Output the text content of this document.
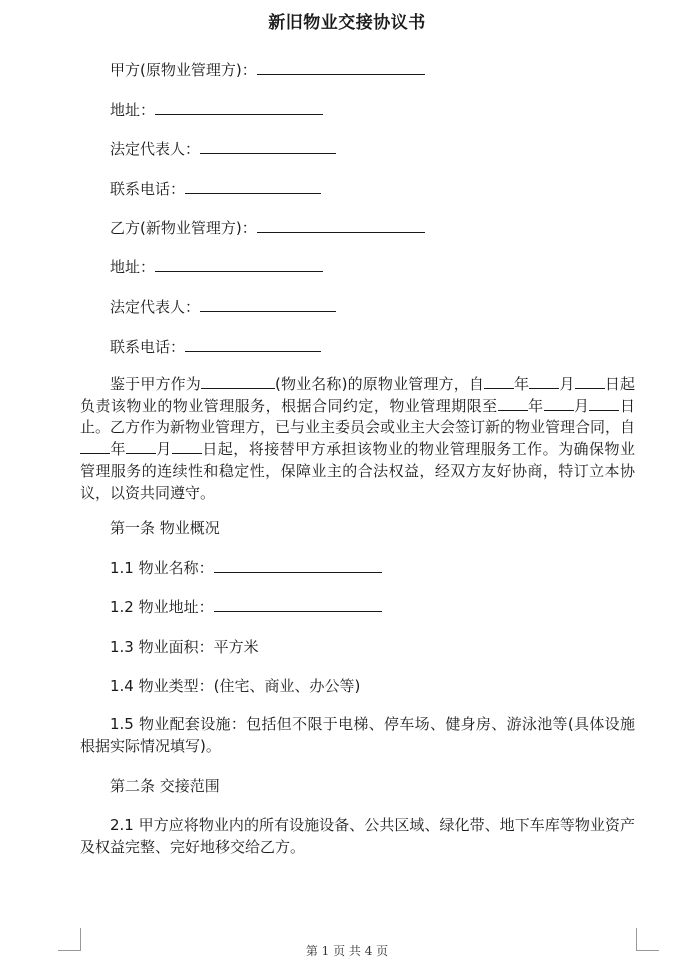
新旧物业交接协议书
甲方(原物业管理方)：
地址：
法定代表人：
联系电话：
乙方(新物业管理方)：
地址：
法定代表人：
联系电话：
鉴于甲方作为	(物业名称)的原物业管理方，自 年 月 日起负责该物业的物业管理服务，根据合同约定，物业管理期限至 年 月 日止。乙方作为新物业管理方，已与业主委员会或业主大会签订新的物业管理合同，自年 月 日起，将接替甲方承担该物业的物业管理服务工作。为确保物业管理服务的连续性和稳定性，保障业主的合法权益，经双方友好协商，特订立本协议，以资共同遵守。
第一条 物业概况
1.1 物业名称：
1.2 物业地址：
1.3 物业面积：平方米
1.4 物业类型：(住宅、商业、办公等)
1.5 物业配套设施：包括但不限于电梯、停车场、健身房、游泳池等(具体设施根据实际情况填写)。
第二条 交接范围
2.1 甲方应将物业内的所有设施设备、公共区域、绿化带、地下车库等物业资产及权益完整、完好地移交给乙方。
第 1 页 共 4 页
